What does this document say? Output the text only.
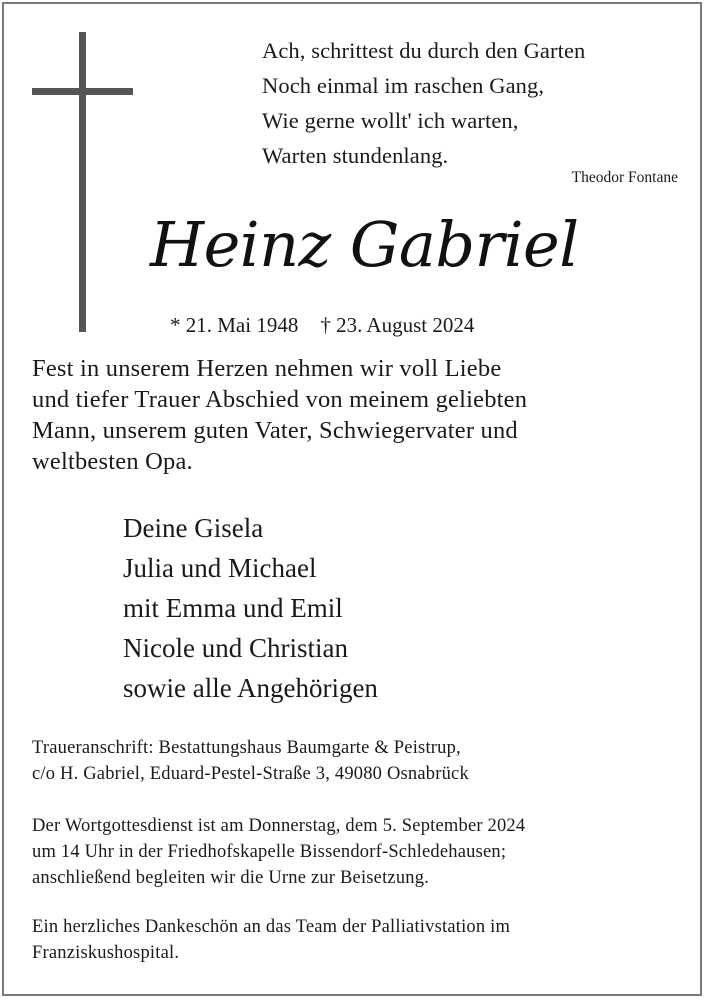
Ach, schrittest du durch den Garten
Noch einmal im raschen Gang,
Wie gerne wollt' ich warten,
Warten stundenlang.
Theodor Fontane
Heinz Gabriel
* 21. Mai 1948 † 23. August 2024
Fest in unserem Herzen nehmen wir voll Liebe
und tiefer Trauer Abschied von meinem geliebten
Mann, unserem guten Vater, Schwiegervater und
weltbesten Opa.
Deine Gisela
Julia und Michael
mit Emma und Emil
Nicole und Christian
sowie alle Angehörigen
Traueranschrift: Bestattungshaus Baumgarte & Peistrup,
c/o H. Gabriel, Eduard-Pestel-Straße 3, 49080 Osnabrück
Der Wortgottesdienst ist am Donnerstag, dem 5. September 2024
um 14 Uhr in der Friedhofskapelle Bissendorf-Schledehausen;
anschließend begleiten wir die Urne zur Beisetzung.
Ein herzliches Dankeschön an das Team der Palliativstation im
Franziskushospital.
